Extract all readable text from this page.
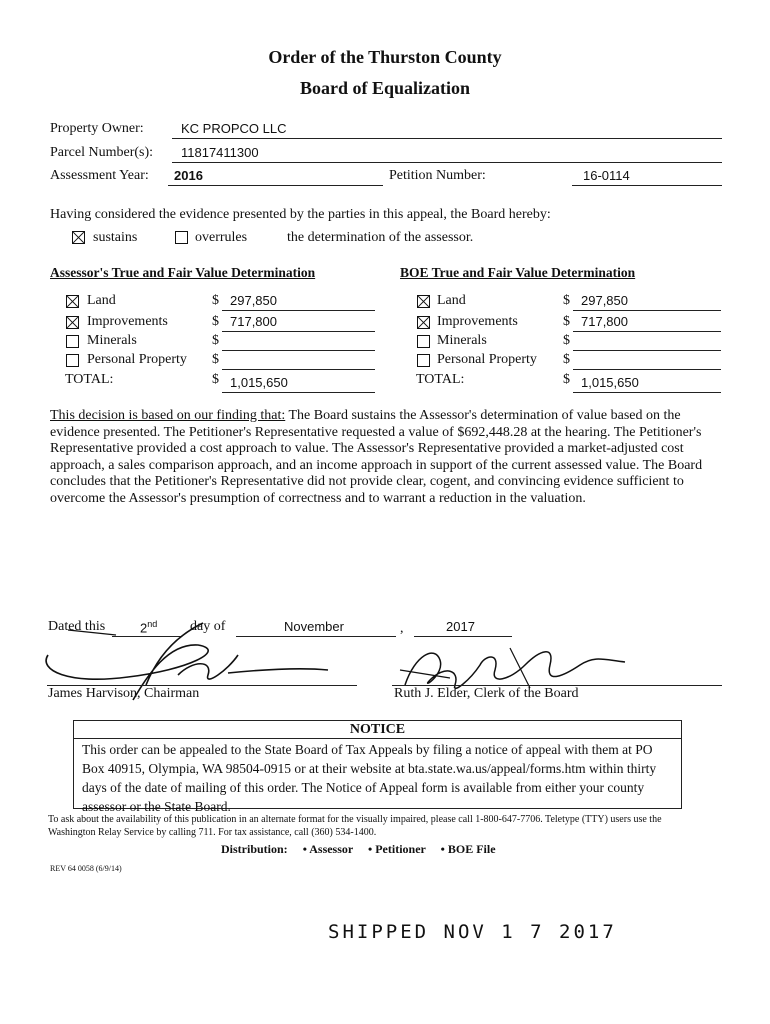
Order of the Thurston County
Board of Equalization
Property Owner:	KC PROPCO LLC
Parcel Number(s): 11817411300
Assessment Year: 2016	Petition Number:	16-0114
Having considered the evidence presented by the parties in this appeal, the Board hereby:
sustains	overrules	the determination of the assessor.
Assessor's True and Fair Value Determination
Land	$ 297,850
Improvements	$ 717,800
Minerals	$
Personal Property $
TOTAL:	$ 1,015,650
BOE True and Fair Value Determination
Land	$ 297,850
Improvements	$ 717,800
Minerals	$
Personal Property $
TOTAL:	$ 1,015,650
This decision is based on our finding that: The Board sustains the Assessor's determination of value based on the evidence presented. The Petitioner's Representative requested a value of $692,448.28 at the hearing. The Petitioner's Representative provided a cost approach to value. The Assessor's Representative provided a market-adjusted cost approach, a sales comparison approach, and an income approach in support of the current assessed value. The Board concludes that the Petitioner's Representative did not provide clear, cogent, and convincing evidence sufficient to overcome the Assessor's presumption of correctness and to warrant a reduction in the valuation.
Dated this	2nd day of	November	,	2017
James Harvison, Chairman	Ruth J. Elder, Clerk of the Board
NOTICE
This order can be appealed to the State Board of Tax Appeals by filing a notice of appeal with them at PO Box 40915, Olympia, WA 98504-0915 or at their website at bta.state.wa.us/appeal/forms.htm within thirty days of the date of mailing of this order. The Notice of Appeal form is available from either your county assessor or the State Board.
To ask about the availability of this publication in an alternate format for the visually impaired, please call 1-800-647-7706. Teletype (TTY) users use the Washington Relay Service by calling 711. For tax assistance, call (360) 534-1400.
Distribution: • Assessor • Petitioner • BOE File
REV 64 0058 (6/9/14)
SHIPPED NOV 1 7 2017
